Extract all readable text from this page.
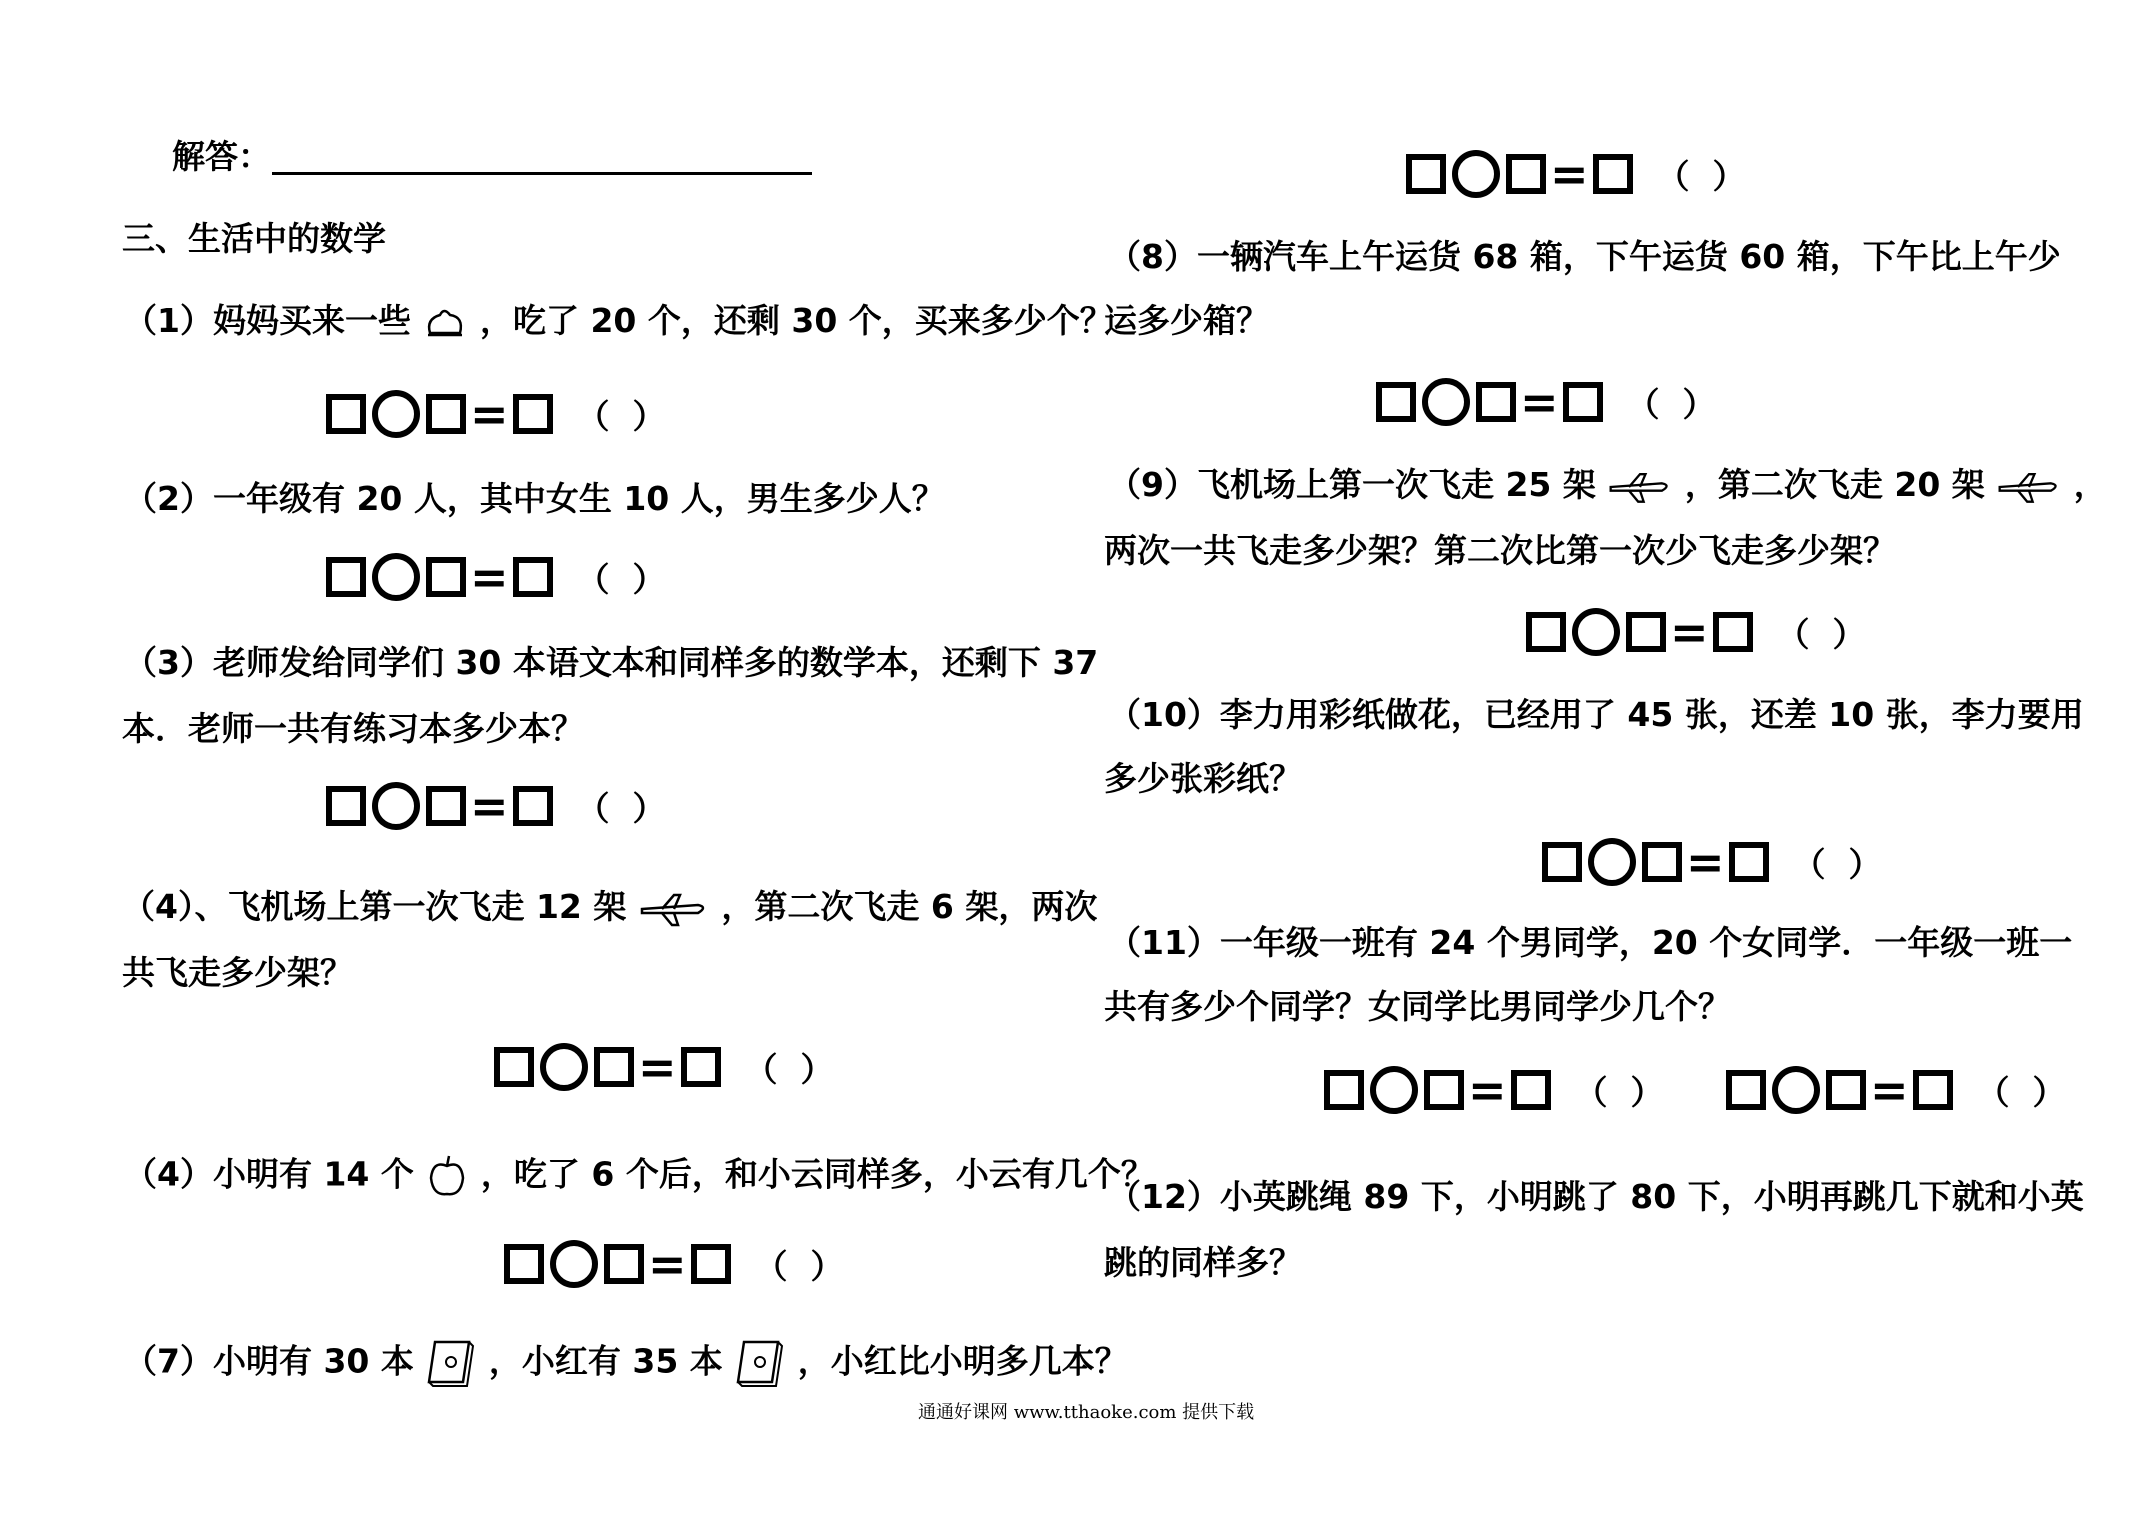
解答：
三、生活中的数学
（1）妈妈买来一些 ，吃了 20 个，还剩 30 个，买来多少个？
= （  ）
（2）一年级有 20 人，其中女生 10 人，男生多少人？
= （  ）
（3）老师发给同学们 30 本语文本和同样多的数学本，还剩下 37
本．老师一共有练习本多少本？
= （  ）
（4）、飞机场上第一次飞走 12 架	，第二次飞走 6 架，两次
共飞走多少架？
= （  ）
（4）小明有 14 个 ，吃了 6 个后，和小云同样多，小云有几个？
= （  ）
（7）小明有 30 本 ，小红有 35 本 ，小红比小明多几本？
= （  ）
（8）一辆汽车上午运货 68 箱，下午运货 60 箱，下午比上午少
运多少箱？
= （  ）
（9）飞机场上第一次飞走 25 架	，第二次飞走 20 架	，
两次一共飞走多少架？第二次比第一次少飞走多少架？
= （  ）
（10）李力用彩纸做花，已经用了 45 张，还差 10 张，李力要用
多少张彩纸？
= （  ）
（11）一年级一班有 24 个男同学，20 个女同学．一年级一班一
共有多少个同学？女同学比男同学少几个？
= （  ）	= （  ）
（12）小英跳绳 89 下，小明跳了 80 下，小明再跳几下就和小英
跳的同样多？
通通好课网 www.tthaoke.com 提供下载
